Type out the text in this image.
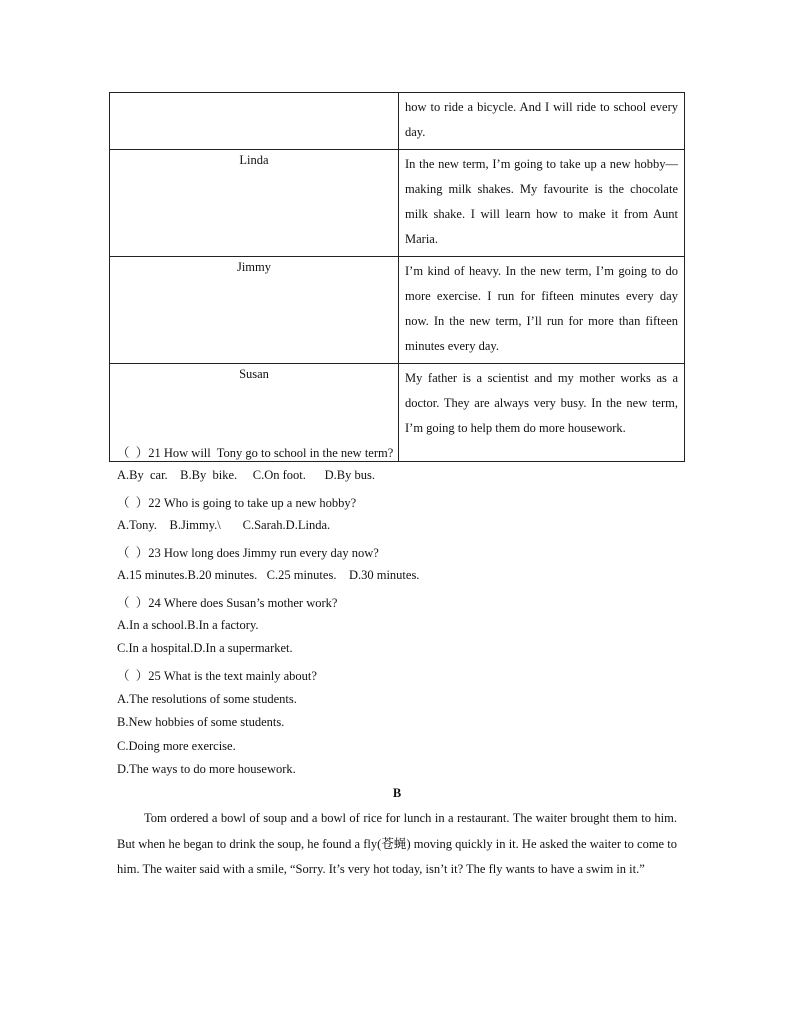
	how to ride a bicycle. And I will ride to school every day.
Linda	In the new term, I’m going to take up a new hobby—making milk shakes. My favourite is the chocolate milk shake. I will learn how to make it from Aunt Maria.
Jimmy	I’m kind of heavy. In the new term, I’m going to do more exercise. I run for fifteen minutes every day now. In the new term, I’ll run for more than fifteen minutes every day.
Susan	My father is a scientist and my mother works as a doctor. They are always very busy. In the new term, I’m going to help them do more housework.
（  ）21 How will  Tony go to school in the new term?
A.By  car.    B.By  bike.     C.On foot.      D.By bus.
（  ）22 Who is going to take up a new hobby?
A.Tony.    B.Jimmy.\       C.Sarah.D.Linda.
（  ）23 How long does Jimmy run every day now?
A.15 minutes.B.20 minutes.   C.25 minutes.    D.30 minutes.
（  ）24 Where does Susan’s mother work?
A.In a school.B.In a factory.
C.In a hospital.D.In a supermarket.
（  ）25 What is the text mainly about?
A.The resolutions of some students.
B.New hobbies of some students.
C.Doing more exercise.
D.The ways to do more housework.
B
Tom ordered a bowl of soup and a bowl of rice for lunch in a restaurant. The waiter brought them to him. But when he began to drink the soup, he found a fly(苍蝇) moving quickly in it. He asked the waiter to come to him. The waiter said with a smile, “Sorry. It’s very hot today, isn’t it? The fly wants to have a swim in it.”
